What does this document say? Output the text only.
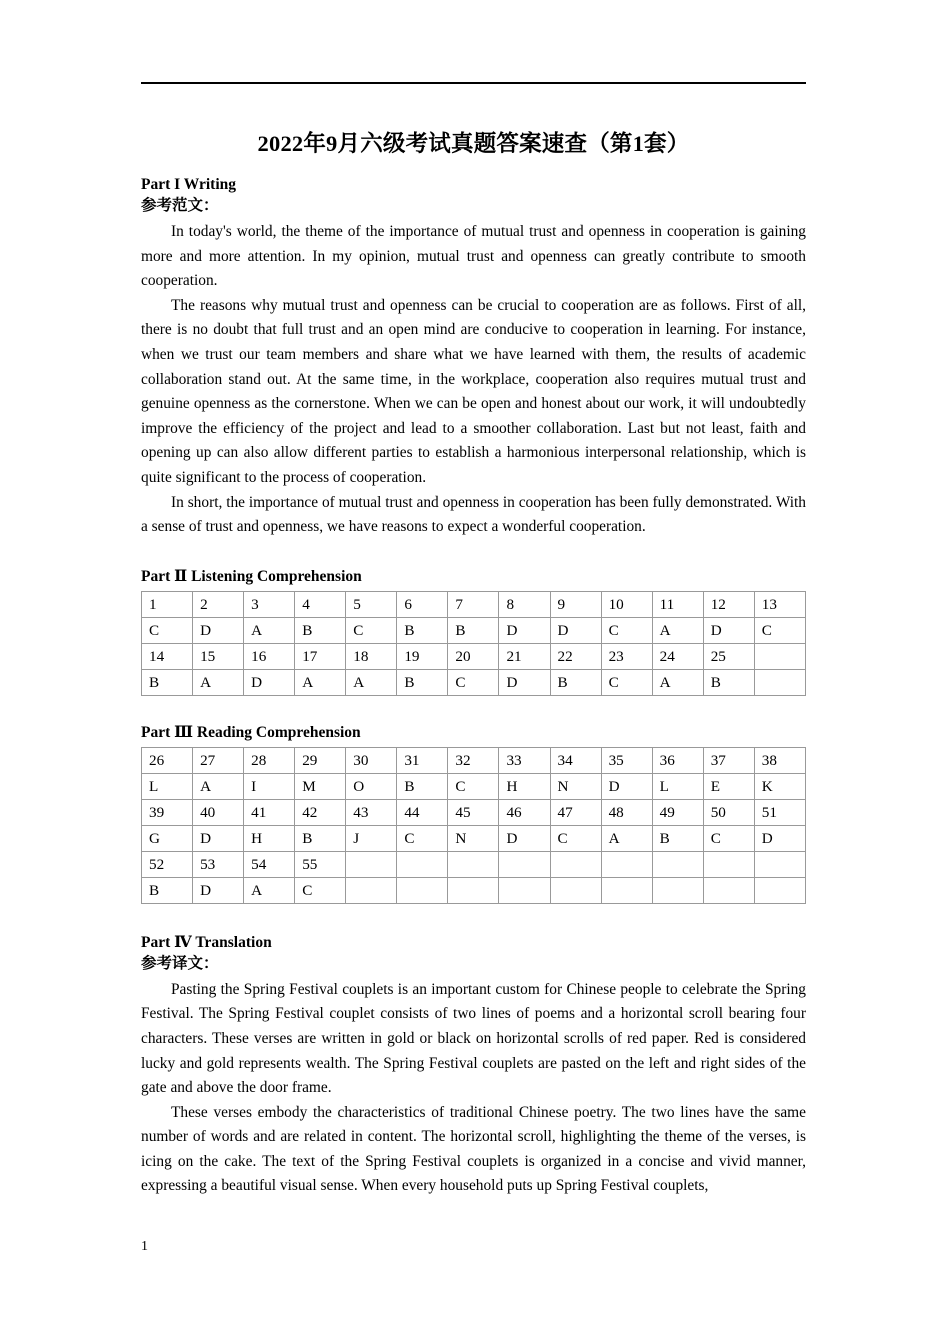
2022年9月六级考试真题答案速查（第1套）
Part I Writing
参考范文：

In today's world, the theme of the importance of mutual trust and openness in cooperation is gaining more and more attention. In my opinion, mutual trust and openness can greatly contribute to smooth cooperation.

The reasons why mutual trust and openness can be crucial to cooperation are as follows. First of all, there is no doubt that full trust and an open mind are conducive to cooperation in learning. For instance, when we trust our team members and share what we have learned with them, the results of academic collaboration stand out. At the same time, in the workplace, cooperation also requires mutual trust and genuine openness as the cornerstone. When we can be open and honest about our work, it will undoubtedly improve the efficiency of the project and lead to a smoother collaboration. Last but not least, faith and opening up can also allow different parties to establish a harmonious interpersonal relationship, which is quite significant to the process of cooperation.

In short, the importance of mutual trust and openness in cooperation has been fully demonstrated. With a sense of trust and openness, we have reasons to expect a wonderful cooperation.

Part Ⅱ Listening Comprehension
1	2	3	4	5	6	7	8	9	10	11	12	13
C	D	A	B	C	B	B	D	D	C	A	D	C
14	15	16	17	18	19	20	21	22	23	24	25	
B	A	D	A	A	B	C	D	B	C	A	B	
Part Ⅲ Reading Comprehension
26	27	28	29	30	31	32	33	34	35	36	37	38
L	A	I	M	O	B	C	H	N	D	L	E	K
39	40	41	42	43	44	45	46	47	48	49	50	51
G	D	H	B	J	C	N	D	C	A	B	C	D
52	53	54	55									
B	D	A	C									
Part Ⅳ Translation
参考译文：

Pasting the Spring Festival couplets is an important custom for Chinese people to celebrate the Spring Festival. The Spring Festival couplet consists of two lines of poems and a horizontal scroll bearing four characters. These verses are written in gold or black on horizontal scrolls of red paper. Red is considered lucky and gold represents wealth. The Spring Festival couplets are pasted on the left and right sides of the gate and above the door frame.

These verses embody the characteristics of traditional Chinese poetry. The two lines have the same number of words and are related in content. The horizontal scroll, highlighting the theme of the verses, is icing on the cake. The text of the Spring Festival couplets is organized in a concise and vivid manner, expressing a beautiful visual sense. When every household puts up Spring Festival couplets,

1
